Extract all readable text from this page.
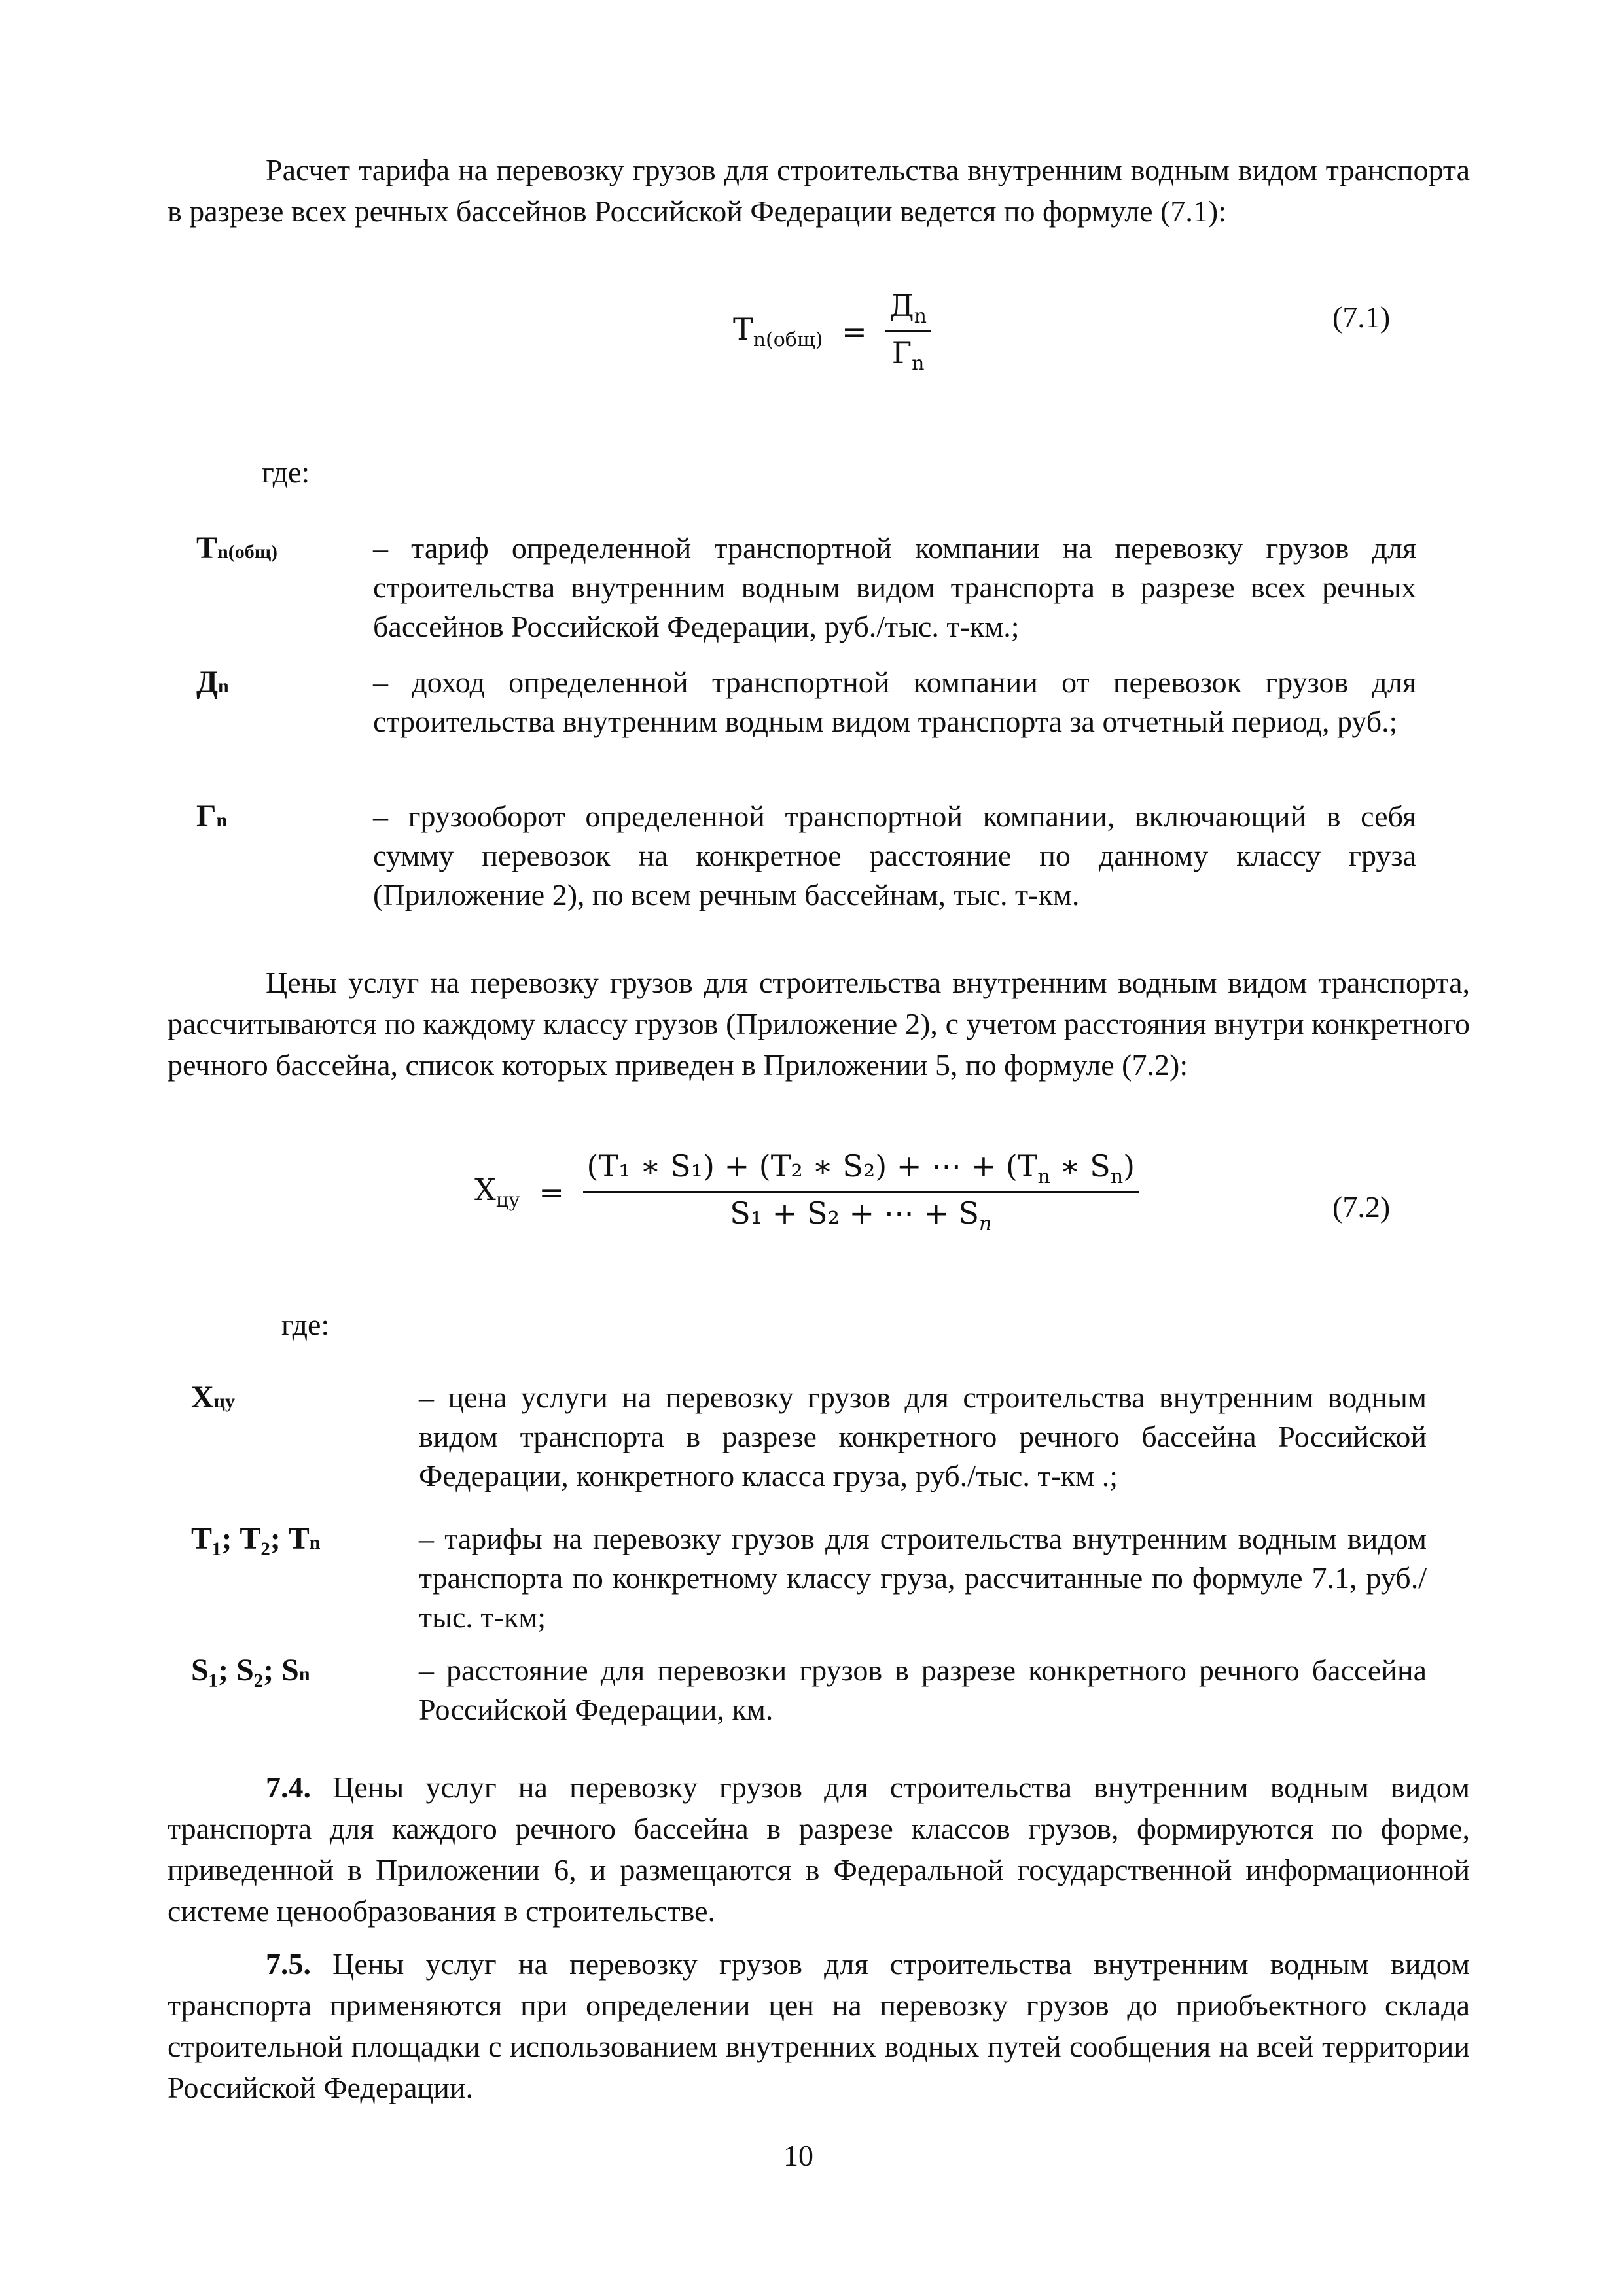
Расчет тарифа на перевозку грузов для строительства внутренним водным видом транспорта в разрезе всех речных бассейнов Российской Федерации ведется по формуле (7.1):
$Т_{n(общ)} = \frac{Д_n}{Г_n}$	(7.1)
где:
Тn(общ)	– тариф определенной транспортной компании на перевозку грузов для строительства внутренним водным видом транспорта в разрезе всех речных бассейнов Российской Федерации, руб./тыс. т-км.;
Дn	– доход определенной транспортной компании от перевозок грузов для строительства внутренним водным видом транспорта за отчетный период, руб.;
Гn	– грузооборот определенной транспортной компании, включающий в себя сумму перевозок на конкретное расстояние по данному классу груза (Приложение 2), по всем речным бассейнам, тыс. т-км.
Цены услуг на перевозку грузов для строительства внутренним водным видом транспорта, рассчитываются по каждому классу грузов (Приложение 2), с учетом расстояния внутри конкретного речного бассейна, список которых приведен в Приложении 5, по формуле (7.2):
$Х_{цу} = \frac{(Т_1 ∗ S_1) + (Т_2 ∗ S_2) + \cdots + (Т_n ∗ S_n)}{S_1 + S_2 + \cdots + S_n}$	(7.2)
где:
Хцу	– цена услуги на перевозку грузов для строительства внутренним водным видом транспорта в разрезе конкретного речного бассейна Российской Федерации, конкретного класса груза, руб./тыс. т-км .;
Т₁; Т₂; Тn	– тарифы на перевозку грузов для строительства внутренним водным видом транспорта по конкретному классу груза, рассчитанные по формуле 7.1, руб./тыс. т-км;
S₁; S₂; Sn	– расстояние для перевозки грузов в разрезе конкретного речного бассейна Российской Федерации, км.
7.4. Цены услуг на перевозку грузов для строительства внутренним водным видом транспорта для каждого речного бассейна в разрезе классов грузов, формируются по форме, приведенной в Приложении 6, и размещаются в Федеральной государственной информационной системе ценообразования в строительстве.
7.5. Цены услуг на перевозку грузов для строительства внутренним водным видом транспорта применяются при определении цен на перевозку грузов до приобъектного склада строительной площадки с использованием внутренних водных путей сообщения на всей территории Российской Федерации.
10
